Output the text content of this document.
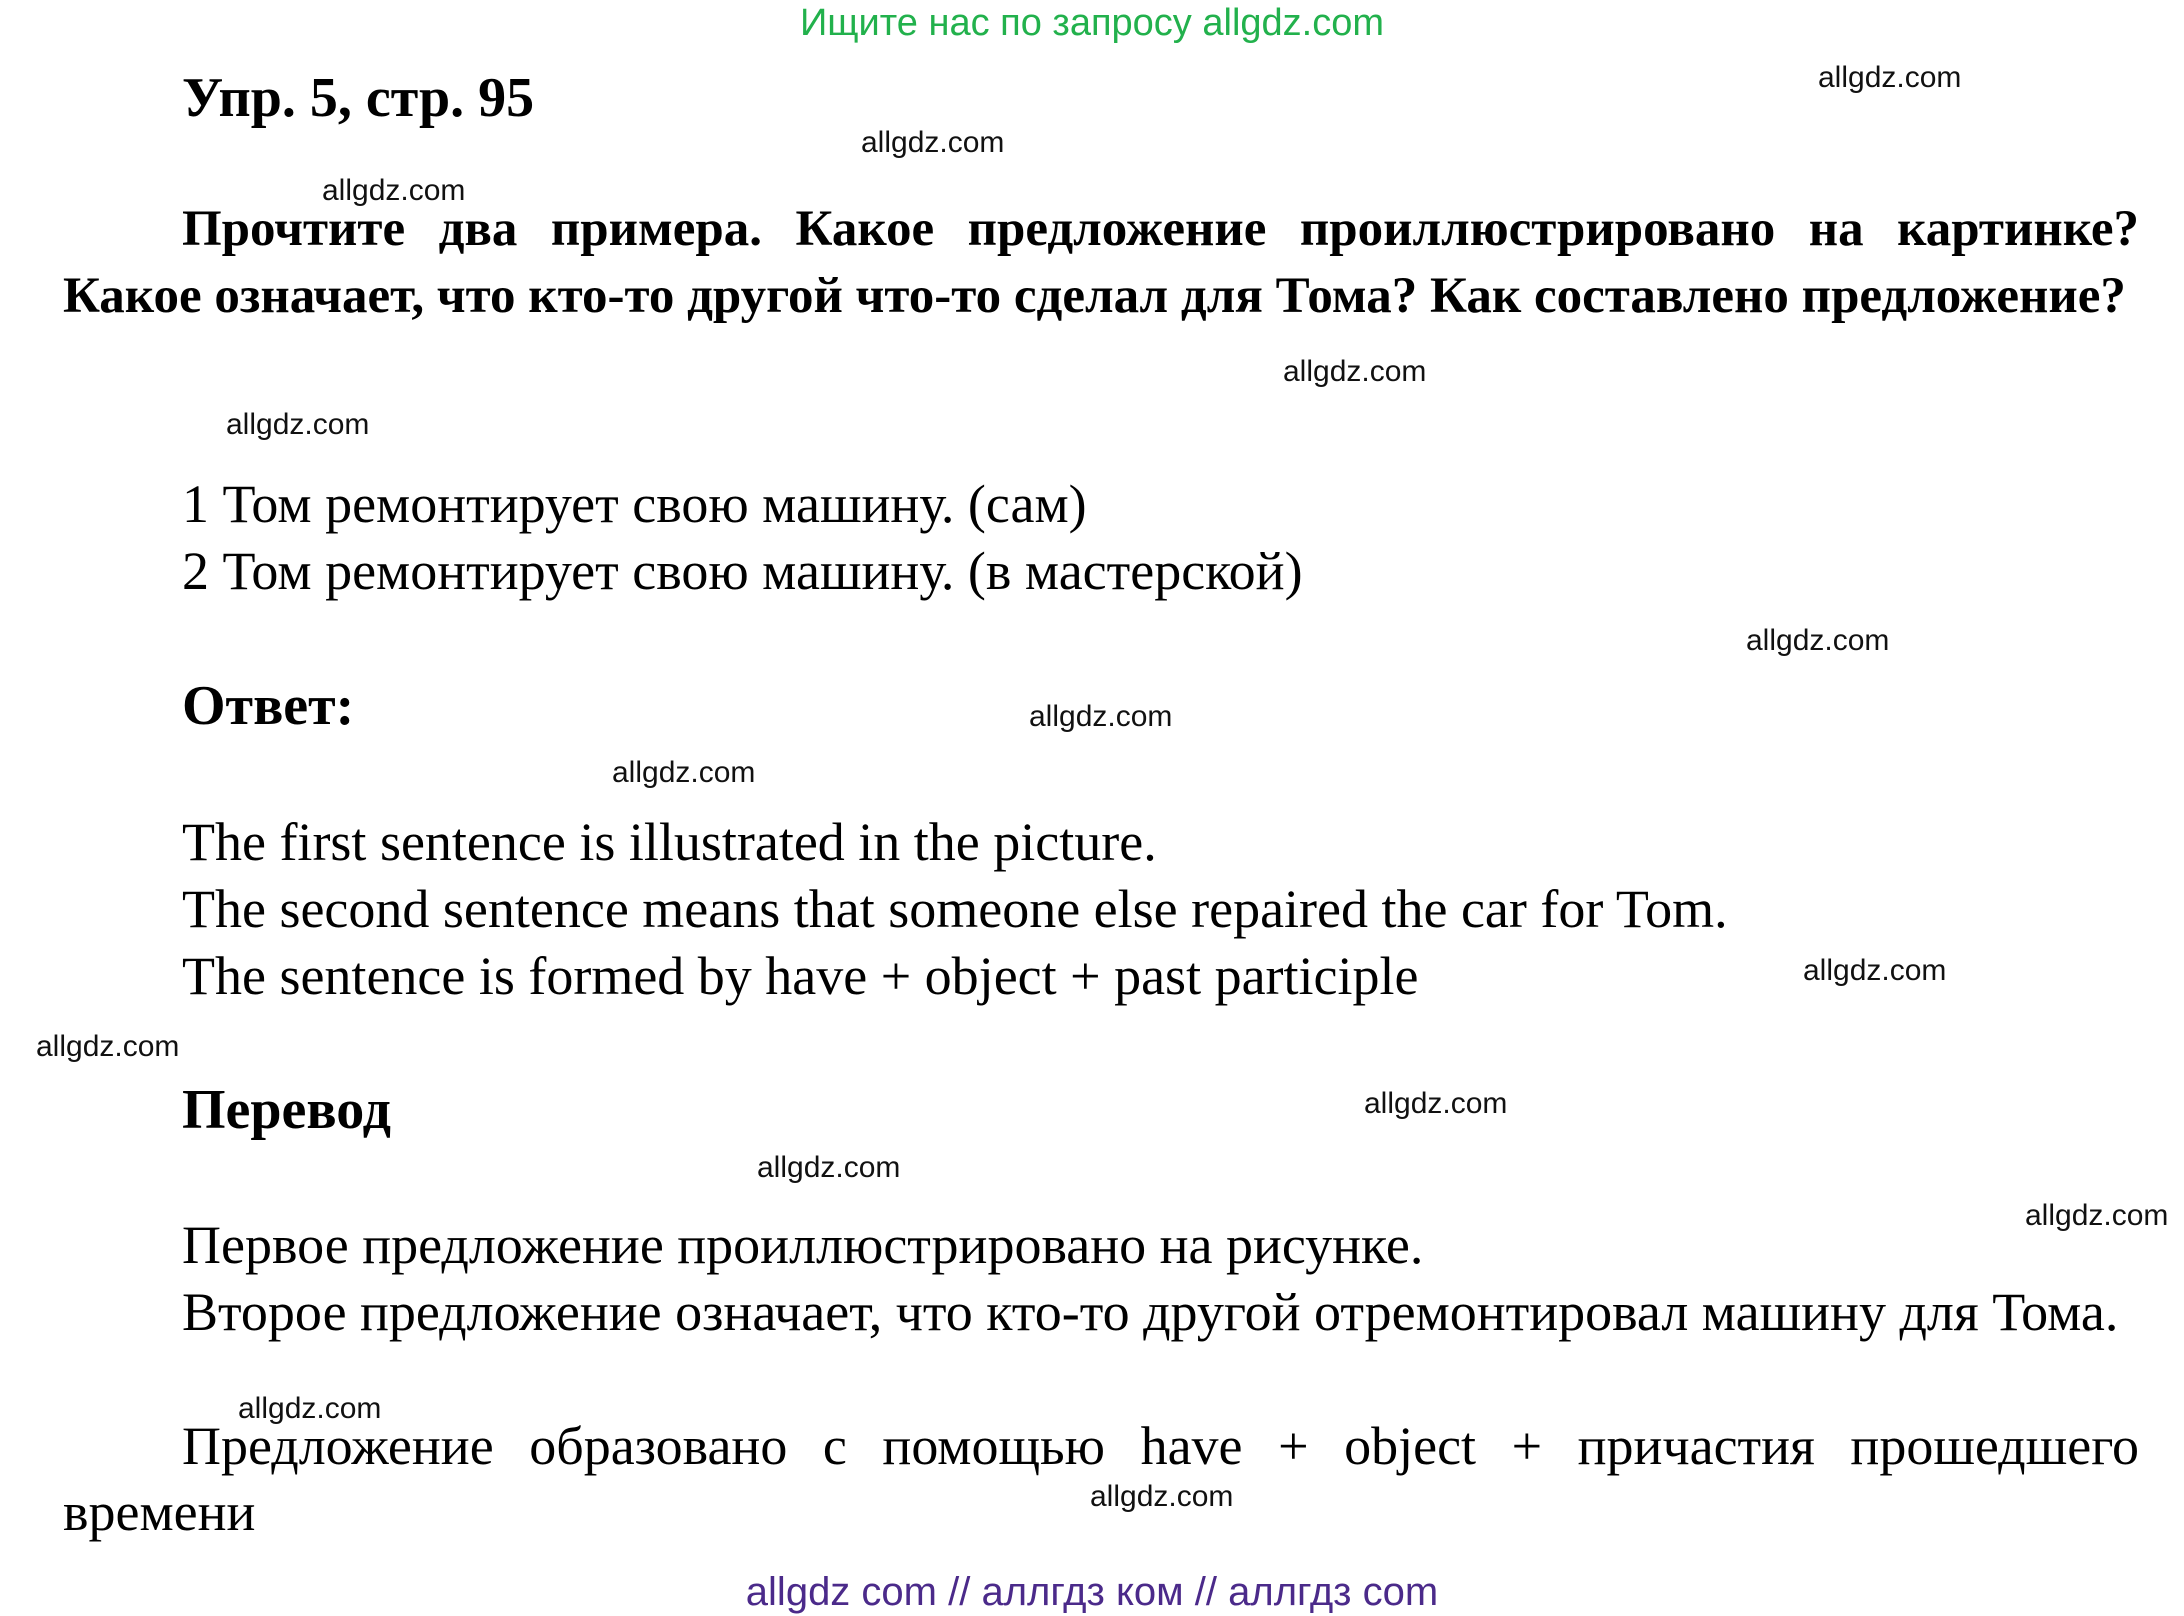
Ищите нас по запросу allgdz.com
Упр. 5, стр. 95

Прочтите два примера. Какое предложение проиллюстрировано на картинке? Какое означает, что кто-то другой что-то сделал для Тома? Как составлено предложение?

1 Том ремонтирует свою машину. (сам)
2 Том ремонтирует свою машину. (в мастерской)
Ответ:
The first sentence is illustrated in the picture.
The second sentence means that someone else repaired the car for Tom.
The sentence is formed by have + object + past participle
Перевод

Первое предложение проиллюстрировано на рисунке.

Второе предложение означает, что кто-то другой отремонтировал машину для Тома.

Предложение образовано с помощью have + object + причастия прошедшего времени

allgdz com // аллгдз ком // аллгдз com
allgdz.com
allgdz.com
allgdz.com
allgdz.com
allgdz.com
allgdz.com
allgdz.com
allgdz.com
allgdz.com
allgdz.com
allgdz.com
allgdz.com
allgdz.com
allgdz.com
allgdz.com
